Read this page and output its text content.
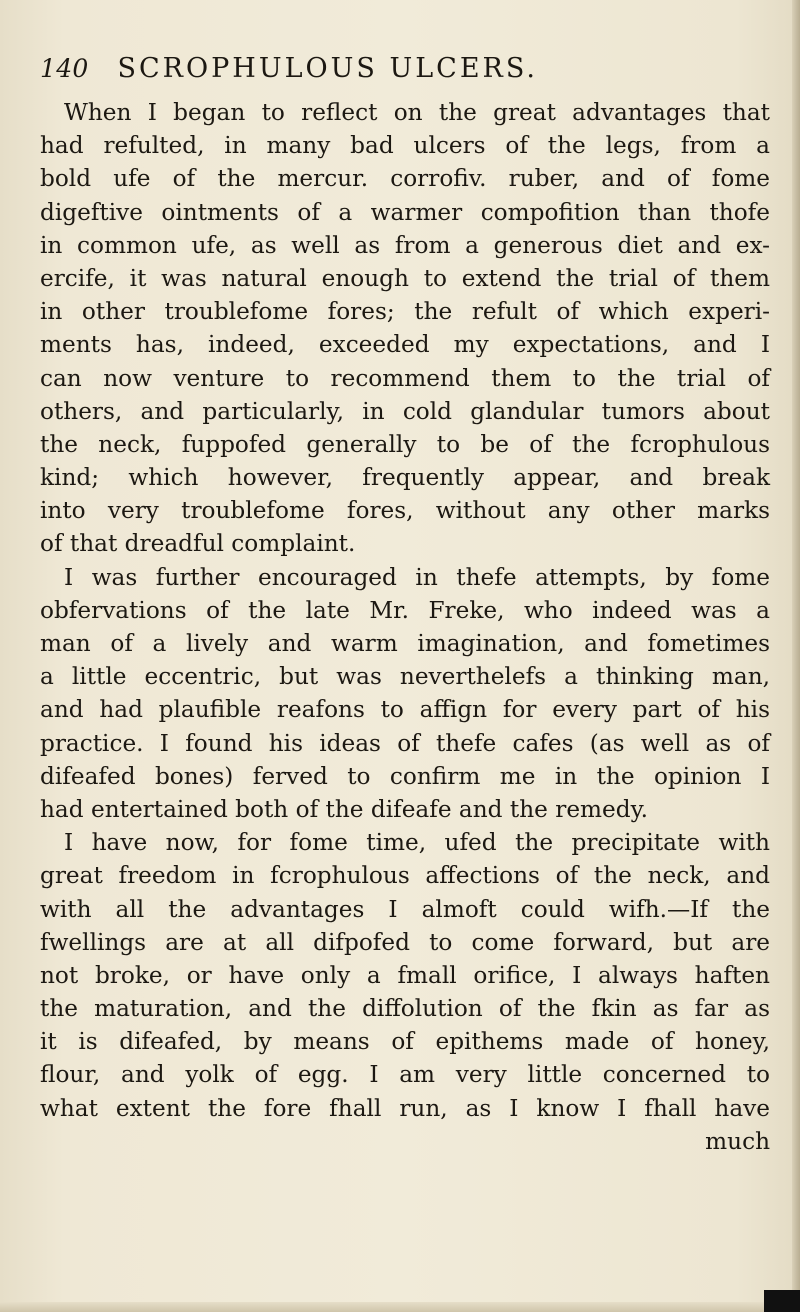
140 SCROPHULOUS ULCERS.
When I began to reflect on the great advantages that
had refulted, in many bad ulcers of the legs, from a
bold ufe of the mercur. corrofiv. ruber, and of fome
digeftive ointments of a warmer compofition than thofe
in common ufe, as well as from a generous diet and ex-
ercife, it was natural enough to extend the trial of them
in other troublefome fores; the refult of which experi-
ments has, indeed, exceeded my expectations, and I
can now venture to recommend them to the trial of
others, and particularly, in cold glandular tumors about
the neck, fuppofed generally to be of the fcrophulous
kind; which however, frequently appear, and break
into very troublefome fores, without any other marks
of that dreadful complaint.
I was further encouraged in thefe attempts, by fome
obfervations of the late Mr. Freke, who indeed was a
man of a lively and warm imagination, and fometimes
a little eccentric, but was neverthelefs a thinking man,
and had plaufible reafons to affign for every part of his
practice. I found his ideas of thefe cafes (as well as of
difeafed bones) ferved to confirm me in the opinion I
had entertained both of the difeafe and the remedy.
I have now, for fome time, ufed the precipitate with
great freedom in fcrophulous affections of the neck, and
with all the advantages I almoft could wifh.—If the
fwellings are at all difpofed to come forward, but are
not broke, or have only a fmall orifice, I always haften
the maturation, and the diffolution of the fkin as far as
it is difeafed, by means of epithems made of honey,
flour, and yolk of egg. I am very little concerned to
what extent the fore fhall run, as I know I fhall have
much
